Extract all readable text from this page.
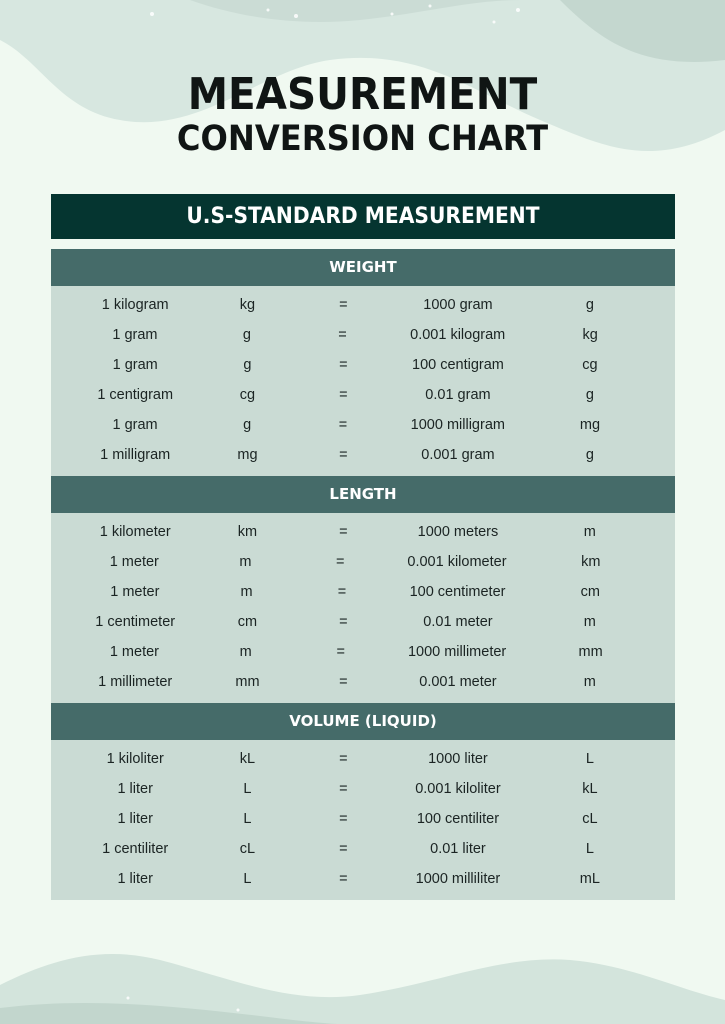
MEASUREMENT
CONVERSION CHART
U.S-STANDARD MEASUREMENT
WEIGHT
1 kilogram	kg	=	1000 gram	g
1 gram	g	=	0.001 kilogram	kg
1 gram	g	=	100 centigram	cg
1 centigram	cg	=	0.01 gram	g
1 gram	g	=	1000 milligram	mg
1 milligram	mg	=	0.001 gram	g
LENGTH
1 kilometer	km	=	1000 meters	m
1 meter	m	=	0.001 kilometer	km
1 meter	m	=	100 centimeter	cm
1 centimeter	cm	=	0.01 meter	m
1 meter	m	=	1000 millimeter	mm
1 millimeter	mm	=	0.001 meter	m
VOLUME (LIQUID)
1 kiloliter	kL	=	1000 liter	L
1 liter	L	=	0.001 kiloliter	kL
1 liter	L	=	100 centiliter	cL
1 centiliter	cL	=	0.01 liter	L
1 liter	L	=	1000 milliliter	mL
